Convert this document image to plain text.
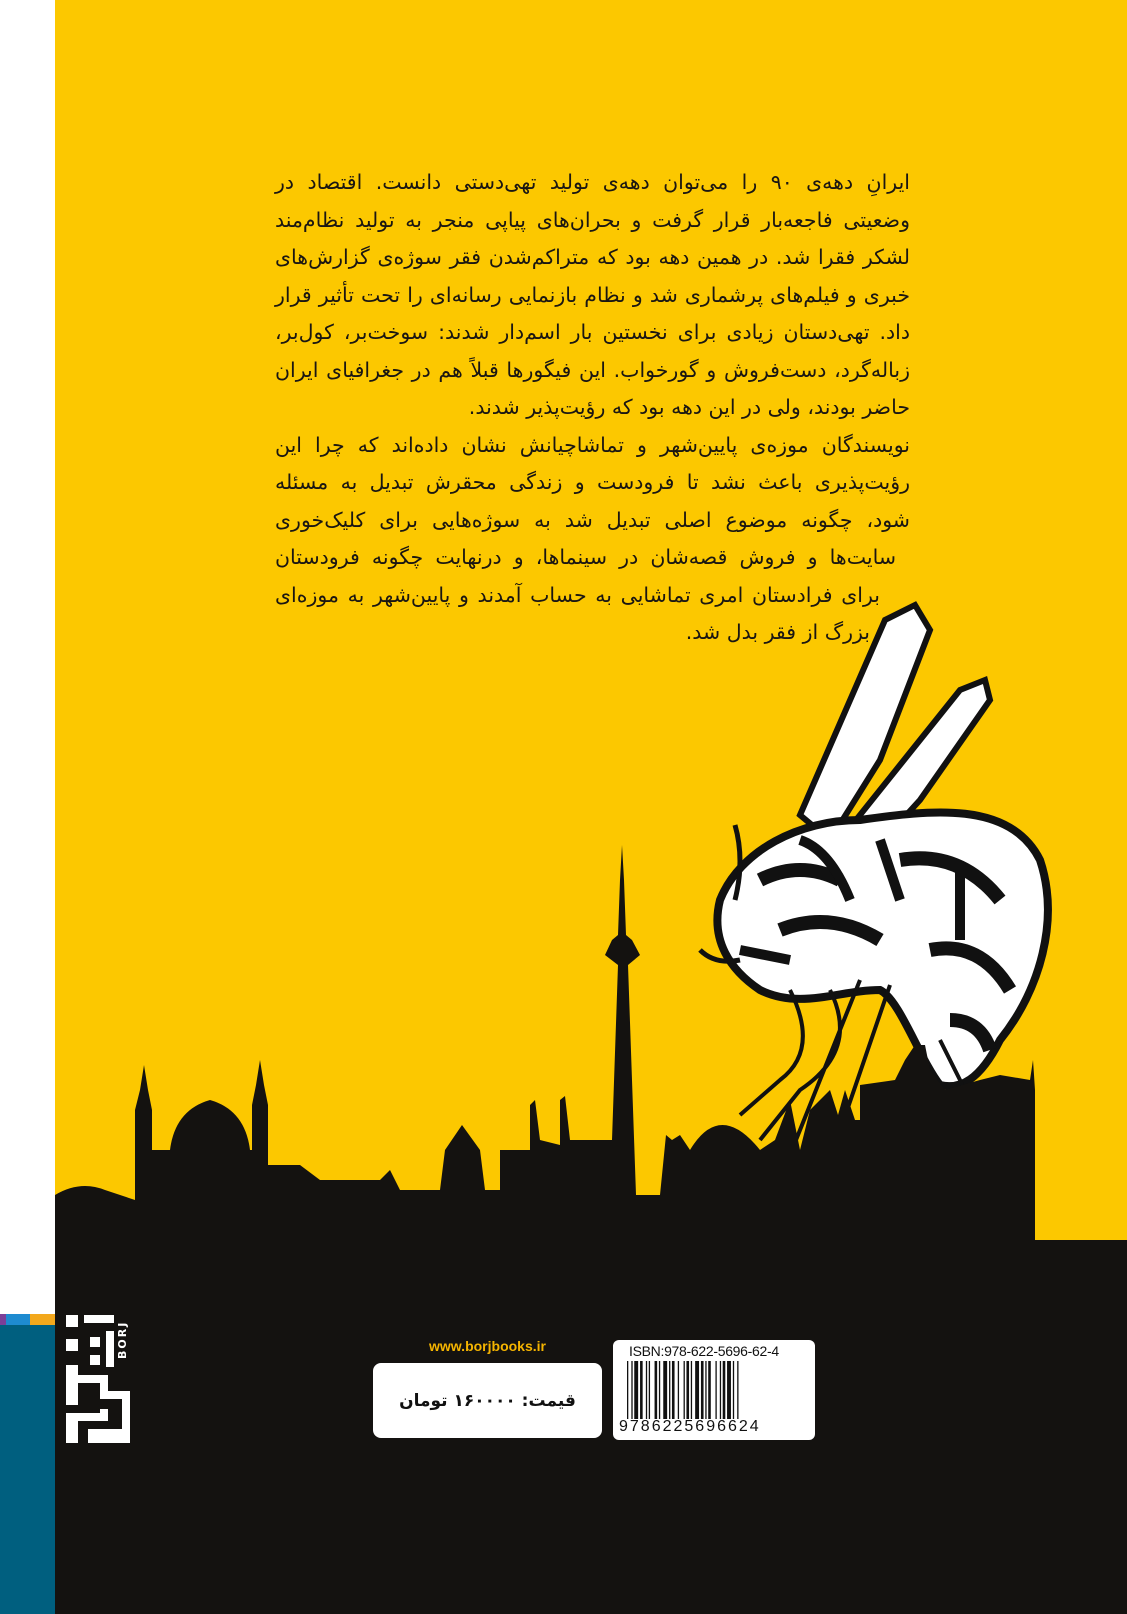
ایرانِ دهه‌ی ۹۰ را می‌توان دهه‌ی تولید تهی‌دستی دانست. اقتصاد در
وضعیتی فاجعه‌بار قرار گرفت و بحران‌های پیاپی منجر به تولید نظام‌مند
لشکر فقرا شد. در همین دهه بود که متراکم‌شدن فقر سوژه‌ی گزارش‌های
خبری و فیلم‌های پرشماری شد و نظام بازنمایی رسانه‌ای را تحت تأثیر قرار
داد. تهی‌دستان زیادی برای نخستین بار اسم‌دار شدند: سوخت‌بر، کول‌بر،
زباله‌گرد، دست‌فروش و گورخواب. این فیگورها قبلاً هم در جغرافیای ایران
حاضر بودند، ولی در این دهه بود که رؤیت‌پذیر شدند.
نویسندگان موزه‌ی پایین‌شهر و تماشاچیانش نشان داده‌اند که چرا این
رؤیت‌پذیری باعث نشد تا فرودست و زندگی محقرش تبدیل به مسئله
شود، چگونه موضوع اصلی تبدیل شد به سوژه‌هایی برای کلیک‌خوری
سایت‌ها و فروش قصه‌شان در سینماها، و درنهایت چگونه فرودستان
برای فرادستان امری تماشایی به حساب آمدند و پایین‌شهر به موزه‌ای
بزرگ از فقر بدل شد.
BORJ	www.borjbooks.ir
قیمت: ۱۶۰۰۰۰ تومان
ISBN:978-622-5696-62-4
9786225696624
